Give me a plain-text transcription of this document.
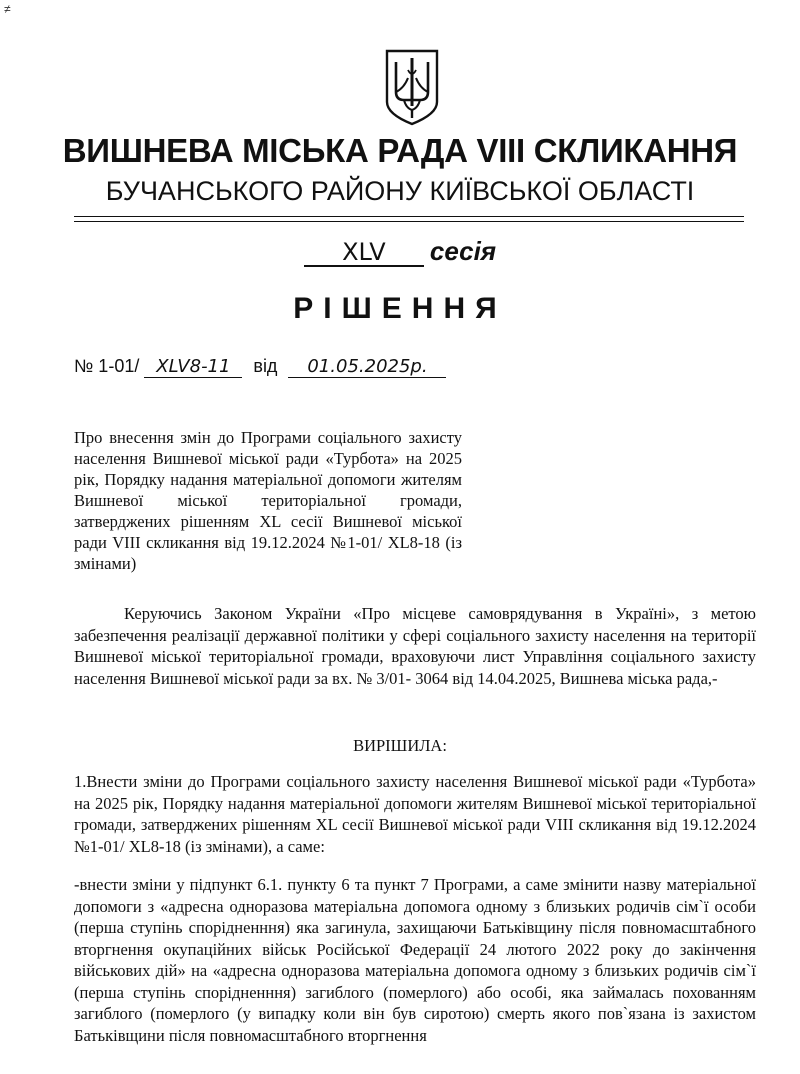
≠
ВИШНЕВА МІСЬКА РАДА VIII СКЛИКАННЯ
БУЧАНСЬКОГО РАЙОНУ КИЇВСЬКОЇ ОБЛАСТІ
XLV сесія
РІШЕННЯ
№ 1-01/ XLV8-11 від 01.05.2025р.

Про внесення змін до Програми соціального захисту населення Вишневої міської ради «Турбота» на 2025 рік, Порядку надання матеріальної допомоги жителям Вишневої міської територіальної громади, затверджених рішенням XL сесії Вишневої міської ради VIII скликання від 19.12.2024 №1-01/ XL8-18 (із змінами)

Керуючись Законом України «Про місцеве самоврядування в Україні», з метою забезпечення реалізації державної політики у сфері соціального захисту населення на території Вишневої міської територіальної громади, враховуючи лист Управління соціального захисту населення Вишневої міської ради за вх. № 3/01- 3064 від 14.04.2025, Вишнева міська рада,-

ВИРІШИЛА:

1.Внести зміни до Програми соціального захисту населення Вишневої міської ради «Турбота» на 2025 рік, Порядку надання матеріальної допомоги жителям Вишневої міської територіальної громади, затверджених рішенням XL сесії Вишневої міської ради VIII скликання від 19.12.2024 №1-01/ XL8-18 (із змінами), а саме:

-внести зміни у підпункт 6.1. пункту 6 та пункт 7 Програми, а саме змінити назву матеріальної допомоги з «адресна одноразова матеріальна допомога одному з близьких родичів сім`ї особи (перша ступінь спорідненння) яка загинула, захищаючи Батьківщину після повномасштабного вторгнення окупаційних військ Російської Федерації 24 лютого 2022 року до закінчення військових дій» на «адресна одноразова матеріальна допомога одному з близьких родичів сім`ї (перша ступінь спорідненння) загиблого (померлого) або особі, яка займалась похованням загиблого (померлого (у випадку коли він був сиротою) смерть якого пов`язана із захистом Батьківщини після повномасштабного вторгнення
